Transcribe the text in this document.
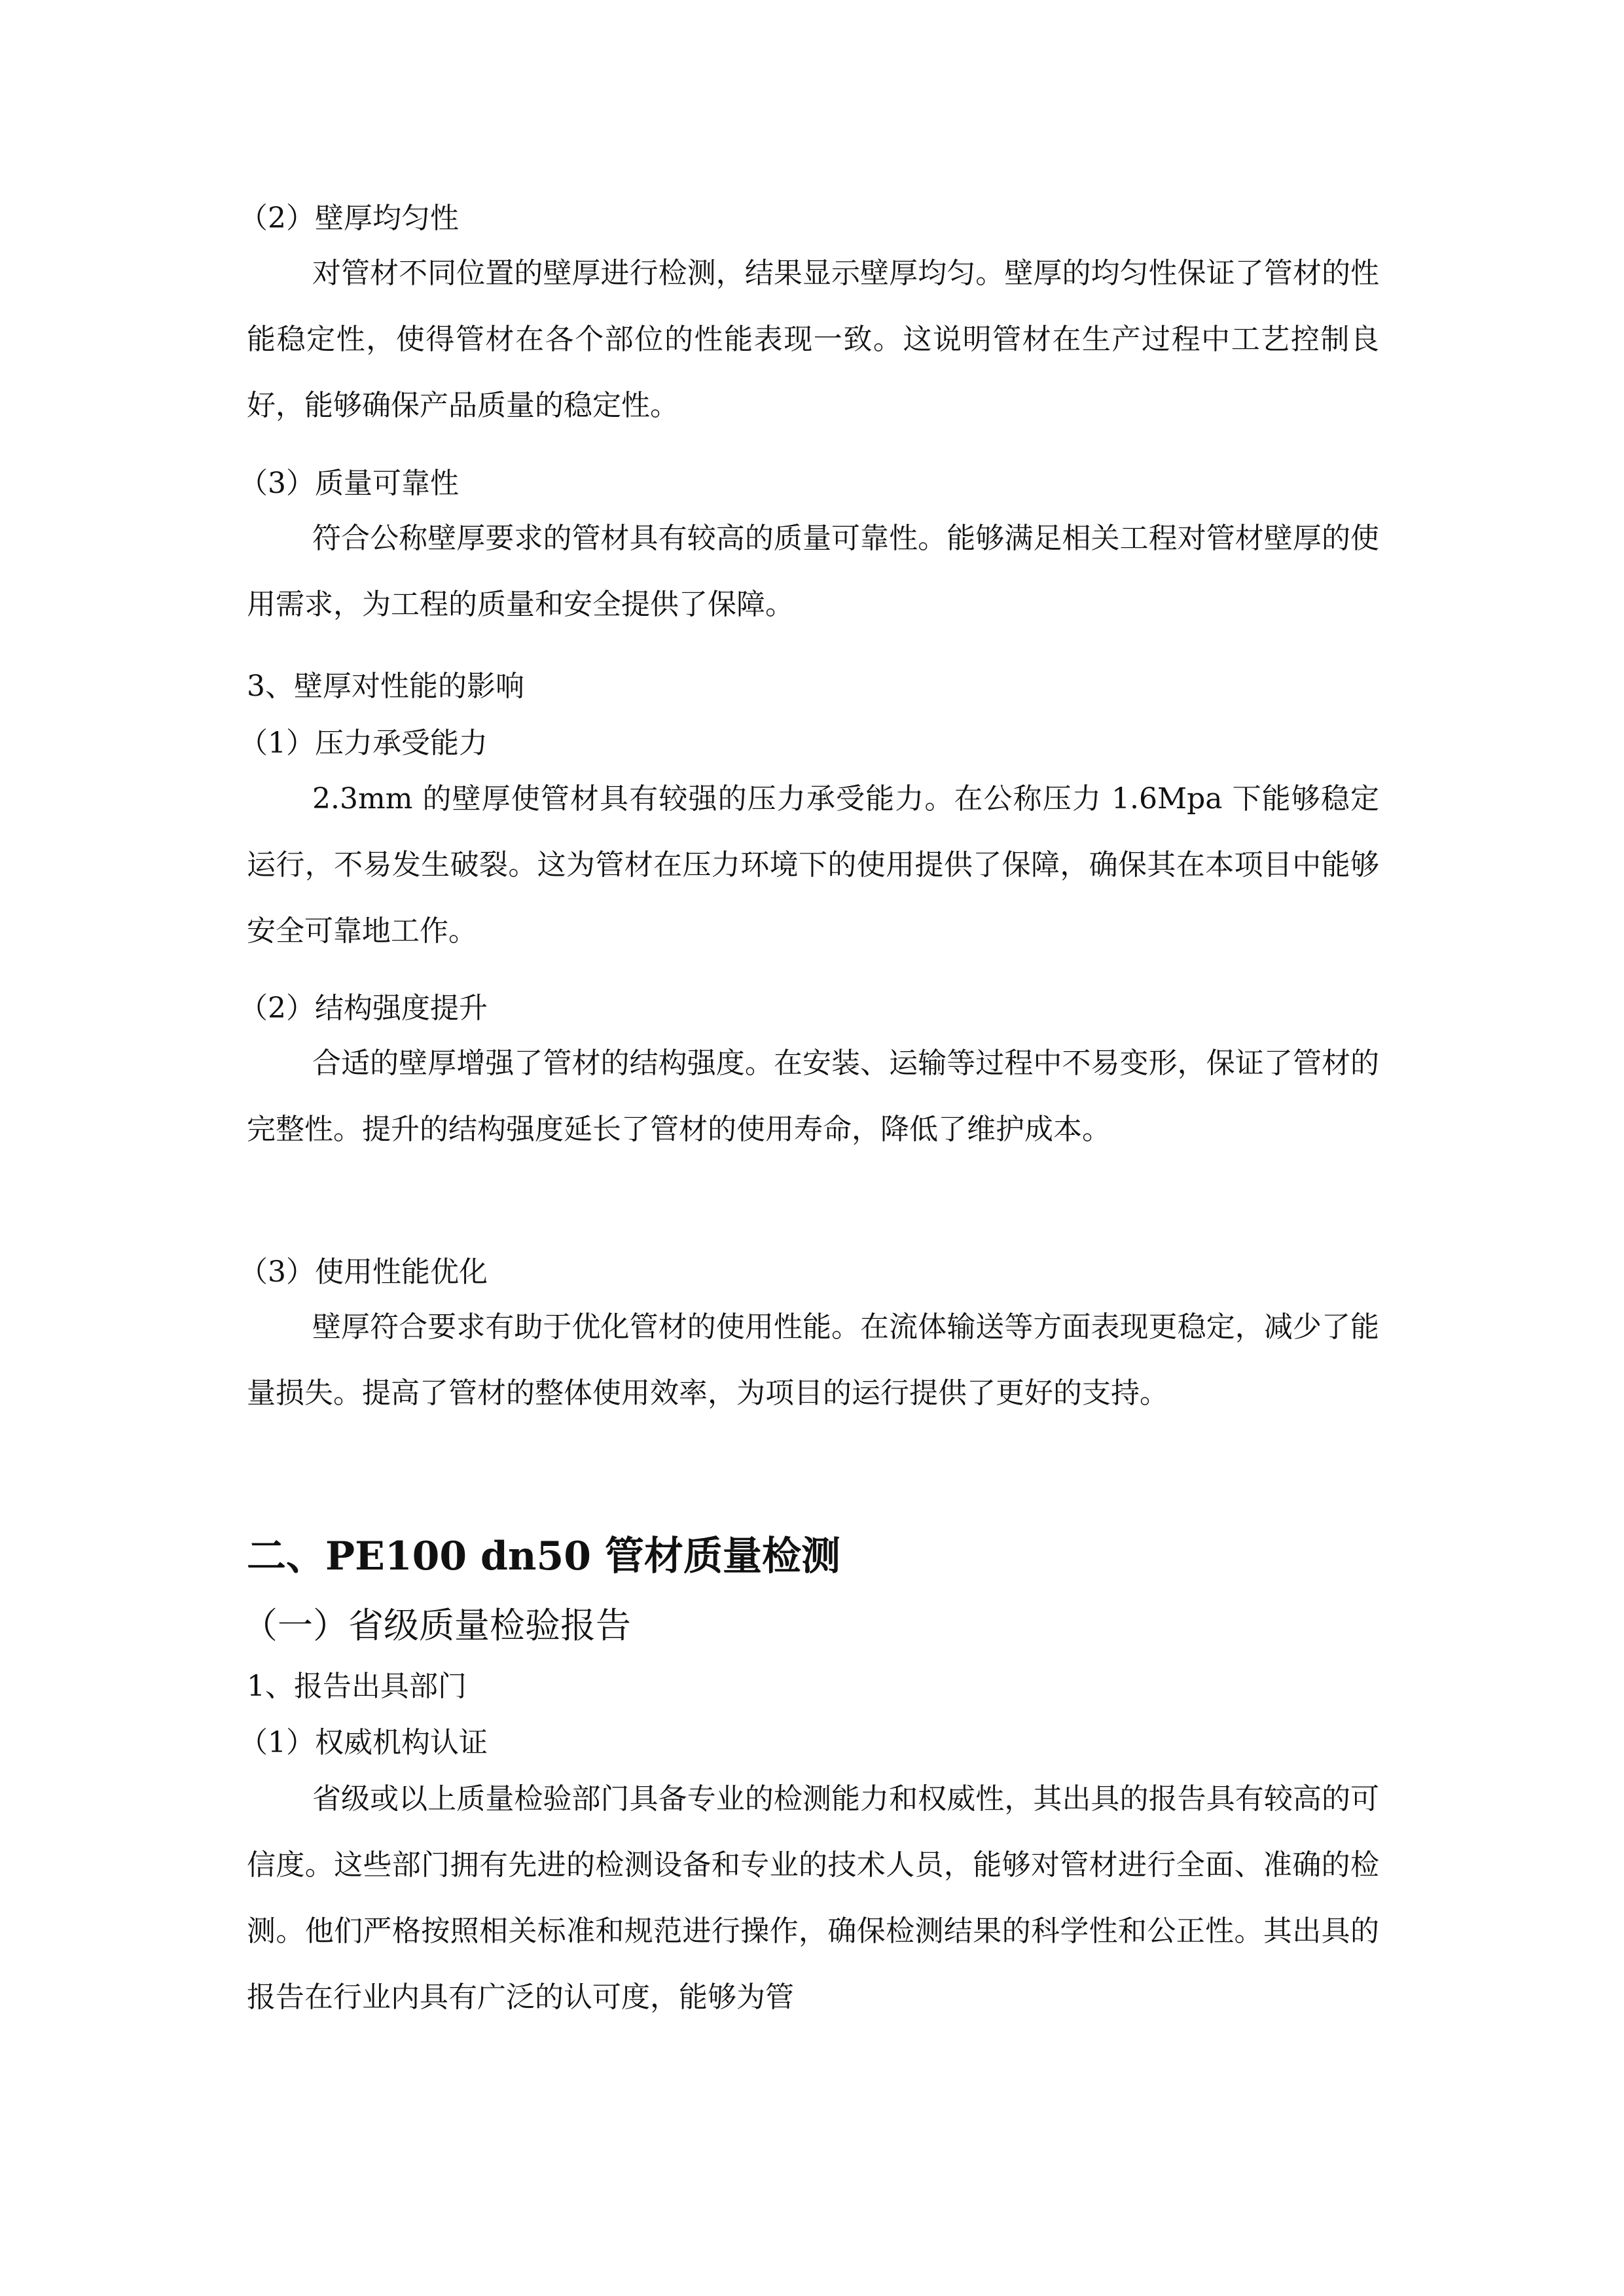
（2）壁厚均匀性
对管材不同位置的壁厚进行检测，结果显示壁厚均匀。壁厚的均匀性保证了管材的性能稳定性，使得管材在各个部位的性能表现一致。这说明管材在生产过程中工艺控制良好，能够确保产品质量的稳定性。
（3）质量可靠性
符合公称壁厚要求的管材具有较高的质量可靠性。能够满足相关工程对管材壁厚的使用需求，为工程的质量和安全提供了保障。
3、壁厚对性能的影响
（1）压力承受能力
2.3mm 的壁厚使管材具有较强的压力承受能力。在公称压力 1.6Mpa 下能够稳定运行，不易发生破裂。这为管材在压力环境下的使用提供了保障，确保其在本项目中能够安全可靠地工作。
（2）结构强度提升
合适的壁厚增强了管材的结构强度。在安装、运输等过程中不易变形，保证了管材的完整性。提升的结构强度延长了管材的使用寿命，降低了维护成本。
（3）使用性能优化
壁厚符合要求有助于优化管材的使用性能。在流体输送等方面表现更稳定，减少了能量损失。提高了管材的整体使用效率，为项目的运行提供了更好的支持。
二、PE100 dn50 管材质量检测
（一）省级质量检验报告
1、报告出具部门
（1）权威机构认证
省级或以上质量检验部门具备专业的检测能力和权威性，其出具的报告具有较高的可信度。这些部门拥有先进的检测设备和专业的技术人员，能够对管材进行全面、准确的检测。他们严格按照相关标准和规范进行操作，确保检测结果的科学性和公正性。其出具的报告在行业内具有广泛的认可度，能够为管
